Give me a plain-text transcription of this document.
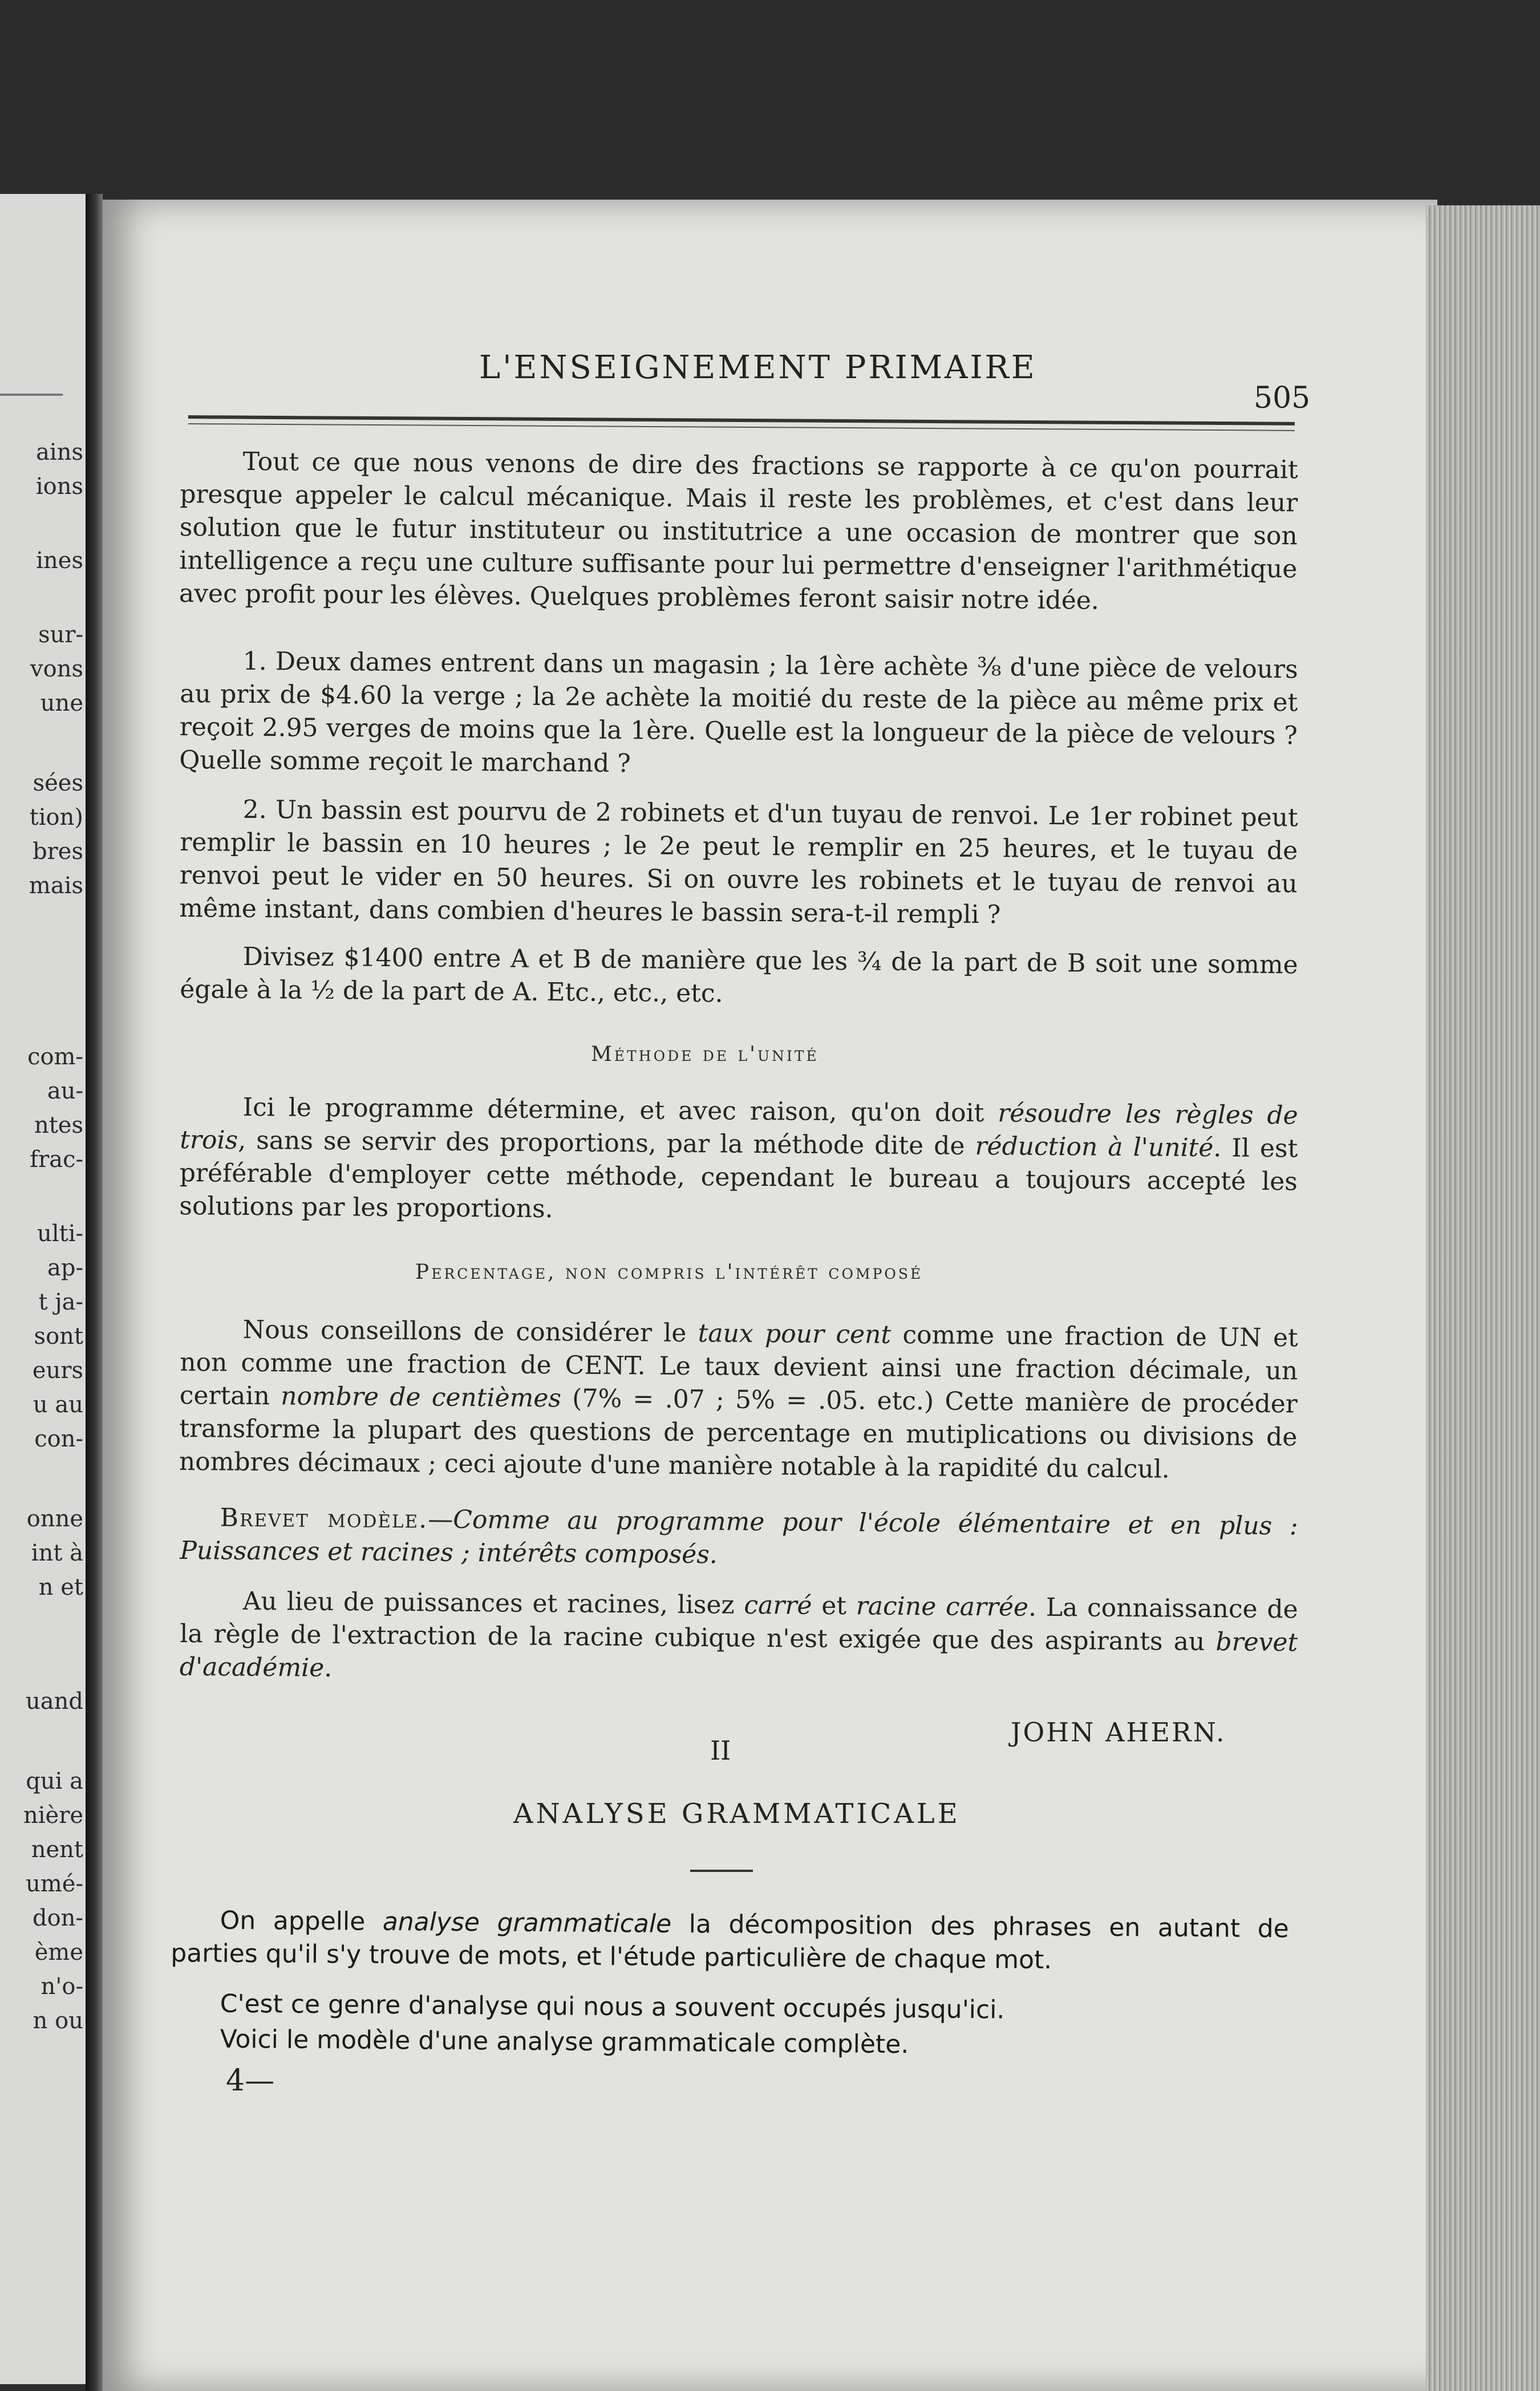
ains
ions
ines
sur-
vons
une
sées
tion)
bres
mais
com-
au-
ntes
frac-
ulti-
ap-
t ja-
sont
eurs
u au
con-
onne
int à
n et
uand
qui a
nière
nent
umé-
don-
ème
n'o-
n ou
L'ENSEIGNEMENT PRIMAIRE
505
Tout ce que nous venons de dire des fractions se rapporte à ce qu'on pourrait presque appeler le calcul mécanique. Mais il reste les problèmes, et c'est dans leur solution que le futur instituteur ou institutrice a une occasion de montrer que son intelligence a reçu une culture suffisante pour lui permettre d'enseigner l'arithmétique avec profit pour les élèves. Quelques problèmes feront saisir notre idée.
1. Deux dames entrent dans un magasin ; la 1ère achète ⅜ d'une pièce de velours au prix de $4.60 la verge ; la 2e achète la moitié du reste de la pièce au même prix et reçoit 2.95 verges de moins que la 1ère. Quelle est la longueur de la pièce de velours ? Quelle somme reçoit le marchand ?
2. Un bassin est pourvu de 2 robinets et d'un tuyau de renvoi. Le 1er robinet peut remplir le bassin en 10 heures ; le 2e peut le remplir en 25 heures, et le tuyau de renvoi peut le vider en 50 heures. Si on ouvre les robinets et le tuyau de renvoi au même instant, dans combien d'heures le bassin sera-t-il rempli ?
Divisez $1400 entre A et B de manière que les ¾ de la part de B soit une somme égale à la ½ de la part de A. Etc., etc., etc.
Méthode de l'unité
Ici le programme détermine, et avec raison, qu'on doit résoudre les règles de trois, sans se servir des proportions, par la méthode dite de réduction à l'unité. Il est préférable d'employer cette méthode, cependant le bureau a toujours accepté les solutions par les proportions.
Percentage, non compris l'intérêt composé
Nous conseillons de considérer le taux pour cent comme une fraction de UN et non comme une fraction de CENT. Le taux devient ainsi une fraction décimale, un certain nombre de centièmes (7% = .07 ; 5% = .05. etc.) Cette manière de procéder transforme la plupart des questions de percentage en mutiplications ou divisions de nombres décimaux ; ceci ajoute d'une manière notable à la rapidité du calcul.
Brevet modèle.—Comme au programme pour l'école élémentaire et en plus : Puissances et racines ; intérêts composés.
Au lieu de puissances et racines, lisez carré et racine carrée. La connaissance de la règle de l'extraction de la racine cubique n'est exigée que des aspirants au brevet d'académie.
JOHN AHERN.
II
ANALYSE GRAMMATICALE
On appelle analyse grammaticale la décomposition des phrases en autant de parties qu'il s'y trouve de mots, et l'étude particulière de chaque mot.
C'est ce genre d'analyse qui nous a souvent occupés jusqu'ici.
Voici le modèle d'une analyse grammaticale complète.
4—
